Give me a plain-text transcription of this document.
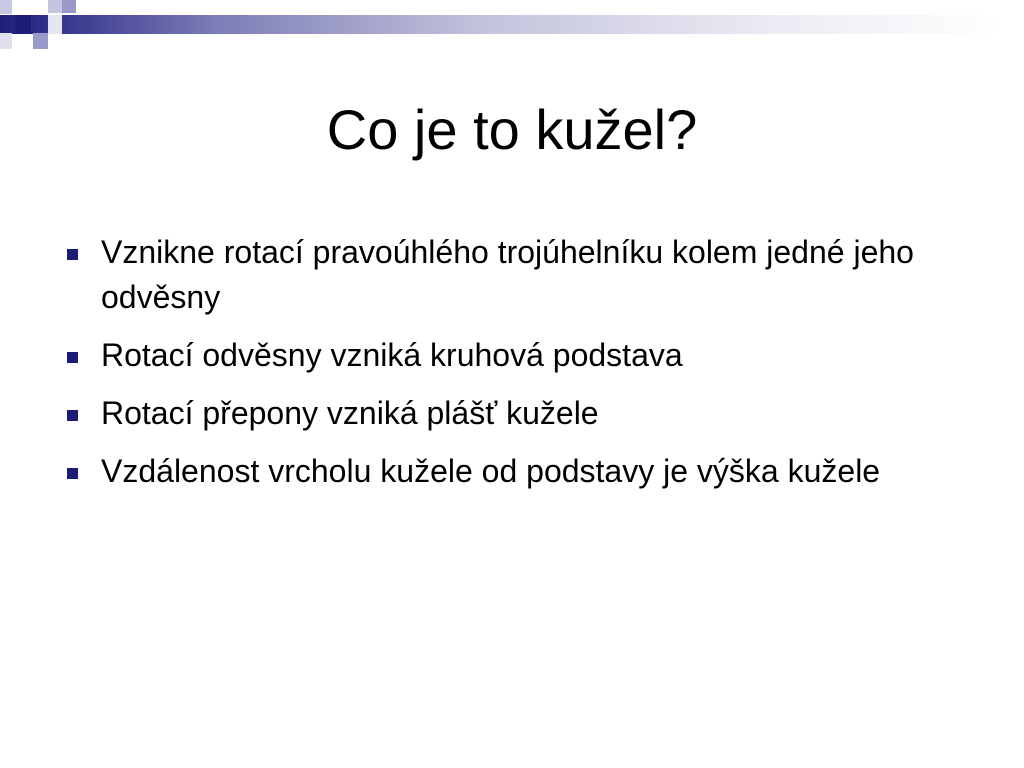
Co je to kužel?
Vznikne rotací pravoúhlého trojúhelníku kolem jedné jeho odvěsny
Rotací odvěsny vzniká kruhová podstava
Rotací přepony vzniká plášť kužele
Vzdálenost vrcholu kužele od podstavy je výška kužele
